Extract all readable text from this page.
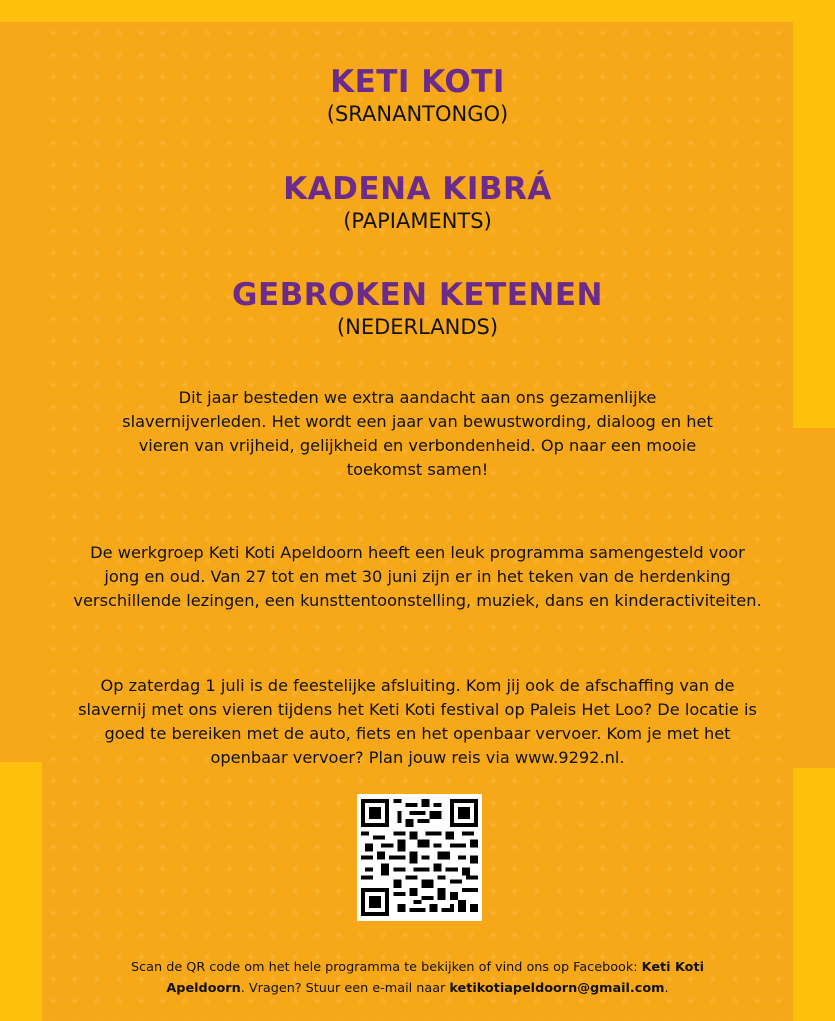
KETI KOTI

(SRANANTONGO)

KADENA KIBRÁ

(PAPIAMENTS)

GEBROKEN KETENEN

(NEDERLANDS)

Dit jaar besteden we extra aandacht aan ons gezamenlijke slavernijverleden. Het wordt een jaar van bewustwording, dialoog en het vieren van vrijheid, gelijkheid en verbondenheid. Op naar een mooie toekomst samen!

De werkgroep Keti Koti Apeldoorn heeft een leuk programma samengesteld voor jong en oud. Van 27 tot en met 30 juni zijn er in het teken van de herdenking verschillende lezingen, een kunsttentoonstelling, muziek, dans en kinderactiviteiten.

Op zaterdag 1 juli is de feestelijke afsluiting. Kom jij ook de afschaffing van de slavernij met ons vieren tijdens het Keti Koti festival op Paleis Het Loo? De locatie is goed te bereiken met de auto, fiets en het openbaar vervoer. Kom je met het openbaar vervoer? Plan jouw reis via www.9292.nl.

Scan de QR code om het hele programma te bekijken of vind ons op Facebook: Keti Koti Apeldoorn. Vragen? Stuur een e-mail naar ketikotiapeldoorn@gmail.com.
